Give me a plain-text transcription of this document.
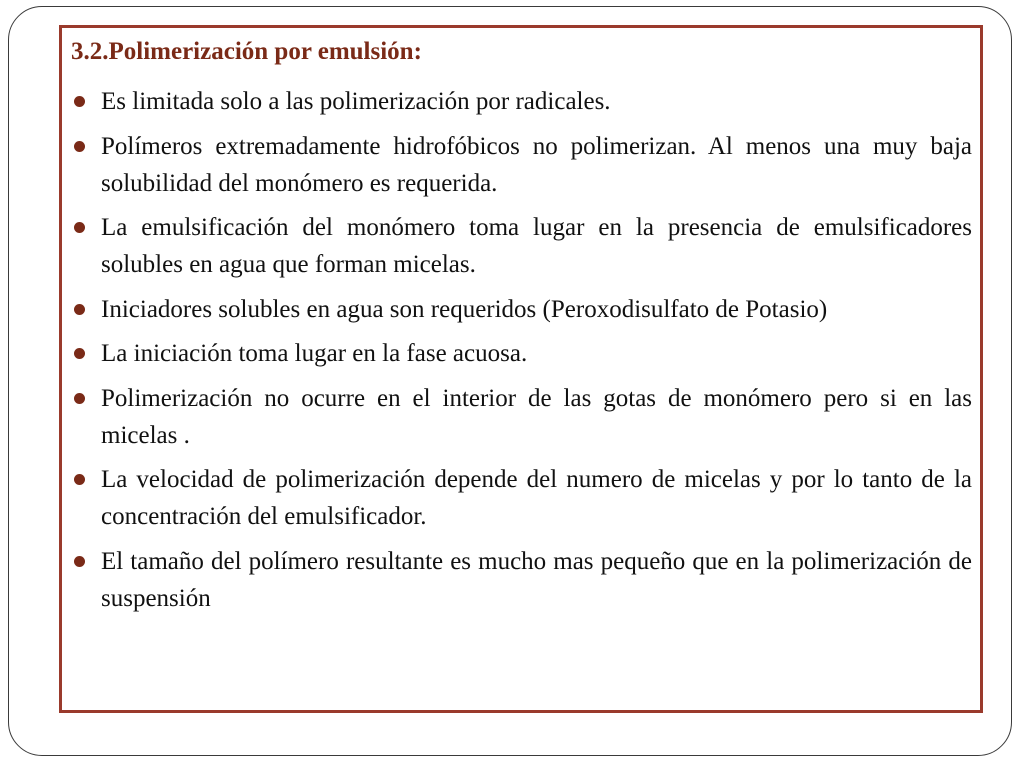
3.2.Polimerización por emulsión:
Es limitada solo a las polimerización por radicales.
Polímeros extremadamente hidrofóbicos no polimerizan. Al menos una muy baja solubilidad del monómero es requerida.
La emulsificación del monómero toma lugar en la presencia de emulsificadores solubles en agua que forman micelas.
Iniciadores solubles en agua son requeridos (Peroxodisulfato de Potasio)
La iniciación toma lugar en la fase acuosa.
Polimerización no ocurre en el interior de las gotas de monómero pero si en las micelas .
La velocidad de polimerización depende del numero de micelas y por lo tanto de la concentración del emulsificador.
El tamaño del polímero resultante es mucho mas pequeño que en la polimerización de suspensión
